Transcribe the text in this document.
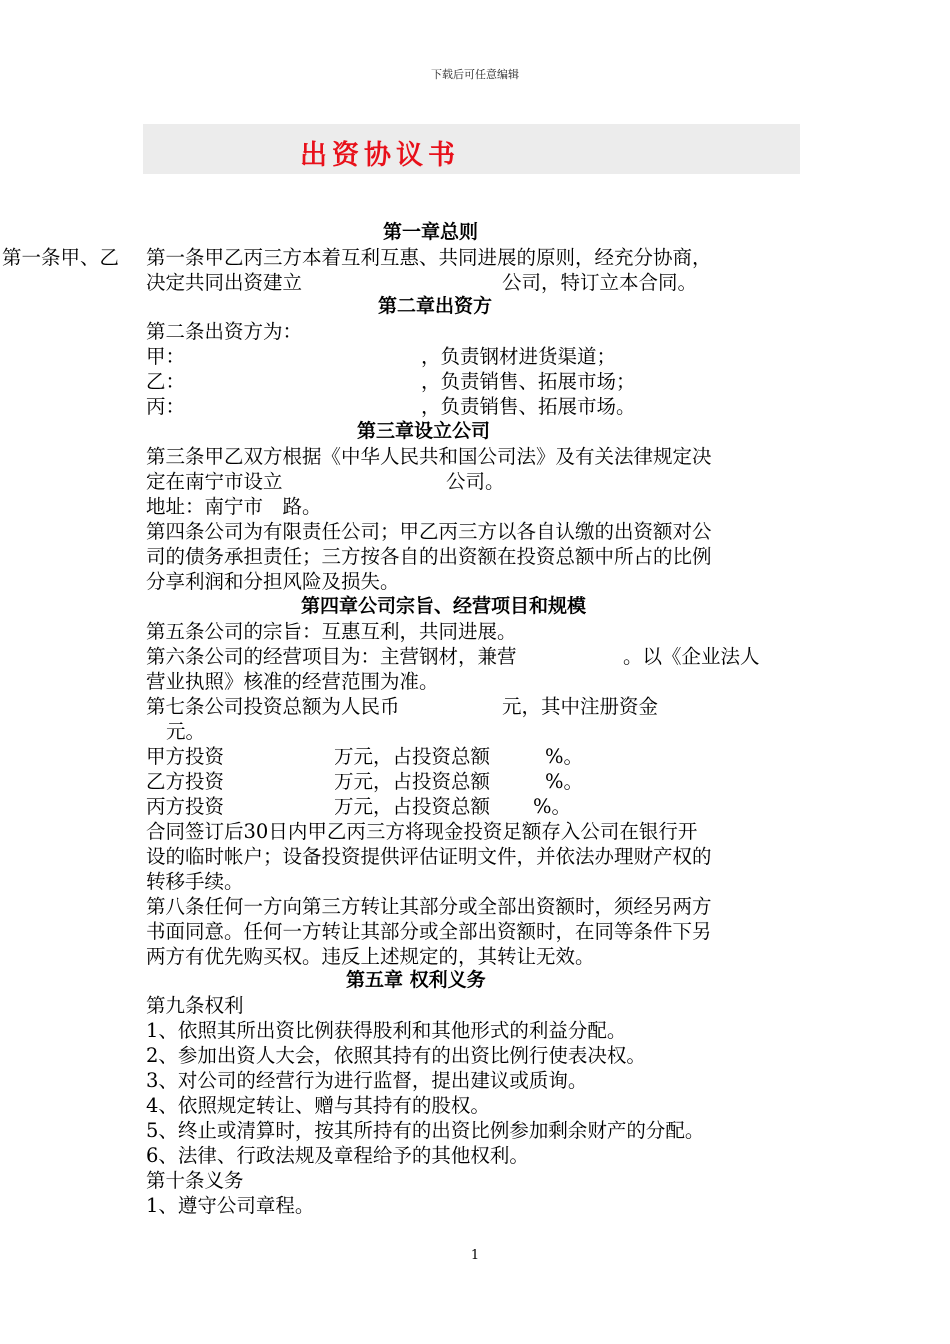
下载后可任意编辑
出资协议书
第一章总则
第一条甲、乙 第一条甲乙丙三方本着互利互惠、共同进展的原则，经充分协商，
决定共同出资建立	公司，特订立本合同。
第二章出资方
第二条出资方为：
甲：	，负责钢材进货渠道；
乙：	，负责销售、拓展市场；
丙：	，负责销售、拓展市场。
第三章设立公司
第三条甲乙双方根据《中华人民共和国公司法》及有关法律规定决
定在南宁市设立	公司。
地址：南宁市　路。
第四条公司为有限责任公司；甲乙丙三方以各自认缴的出资额对公
司的债务承担责任；三方按各自的出资额在投资总额中所占的比例
分享利润和分担风险及损失。
第四章公司宗旨、经营项目和规模
第五条公司的宗旨：互惠互利，共同进展。
第六条公司的经营项目为：主营钢材，兼营	。以《企业法人
营业执照》核准的经营范围为准。
第七条公司投资总额为人民币	元，其中注册资金
元。
甲方投资	万元，占投资总额	%。
乙方投资	万元，占投资总额	%。
丙方投资	万元，占投资总额 %。
合同签订后30日内甲乙丙三方将现金投资足额存入公司在银行开
设的临时帐户；设备投资提供评估证明文件，并依法办理财产权的
转移手续。
第八条任何一方向第三方转让其部分或全部出资额时，须经另两方
书面同意。任何一方转让其部分或全部出资额时，在同等条件下另
两方有优先购买权。违反上述规定的，其转让无效。
第五章 权利义务
第九条权利
1、依照其所出资比例获得股利和其他形式的利益分配。
2、参加出资人大会，依照其持有的出资比例行使表决权。
3、对公司的经营行为进行监督，提出建议或质询。
4、依照规定转让、赠与其持有的股权。
5、终止或清算时，按其所持有的出资比例参加剩余财产的分配。
6、法律、行政法规及章程给予的其他权利。
第十条义务
1、遵守公司章程。
1
